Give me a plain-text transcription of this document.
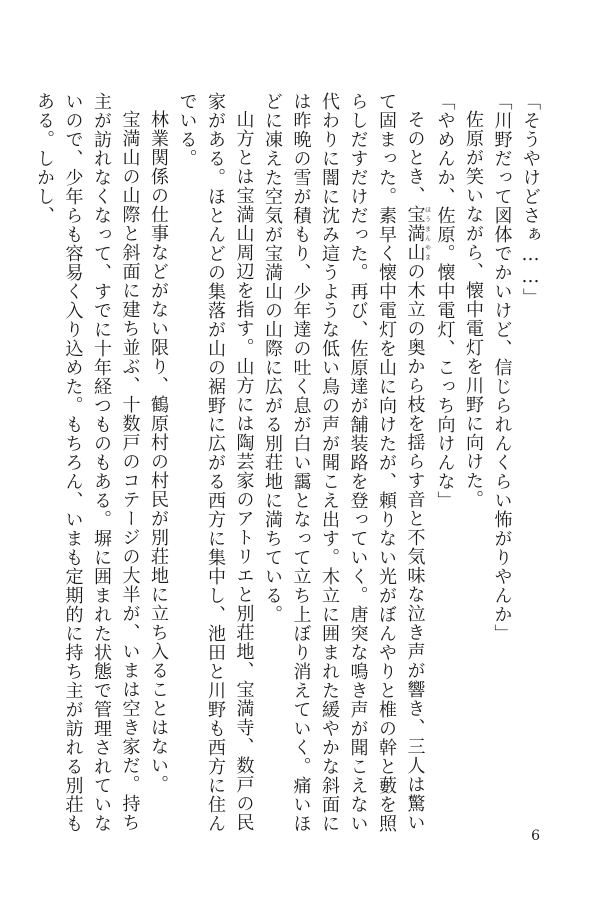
「そうやけどさぁ……」

「川野だって図体でかいけど、信じられんくらい怖がりやんか」

佐原が笑いながら、懐中電灯を川野に向けた。

「やめんか、佐原。懐中電灯、こっち向けんな」

そのとき、宝満山ほうまんやまの木立の奥から枝を揺らす音と不気味な泣き声が響き、三人は驚いて固まった。素早く懐中電灯を山に向けたが、頼りない光がぼんやりと椎の幹と藪を照らしだすだけだった。再び、佐原達が舗装路を登っていく。唐突な鳴き声が聞こえない代わりに闇に沈み這うような低い鳥の声が聞こえ出す。木立に囲まれた緩やかな斜面には昨晩の雪が積もり、少年達の吐く息が白い靄となって立ち上ぼり消えていく。痛いほどに凍えた空気が宝満山の山際に広がる別荘地に満ちている。

山方とは宝満山周辺を指す。山方には陶芸家のアトリエと別荘地、宝満寺、数戸の民家がある。ほとんどの集落が山の裾野に広がる西方に集中し、池田と川野も西方に住んでいる。

林業関係の仕事などがない限り、鶴原村の村民が別荘地に立ち入ることはない。

宝満山の山際と斜面に建ち並ぶ、十数戸のコテージの大半が、いまは空き家だ。持ち主が訪れなくなって、すでに十年経つものもある。塀に囲まれた状態で管理されていないので、少年らも容易く入り込めた。もちろん、いまも定期的に持ち主が訪れる別荘もある。しかし、

6
